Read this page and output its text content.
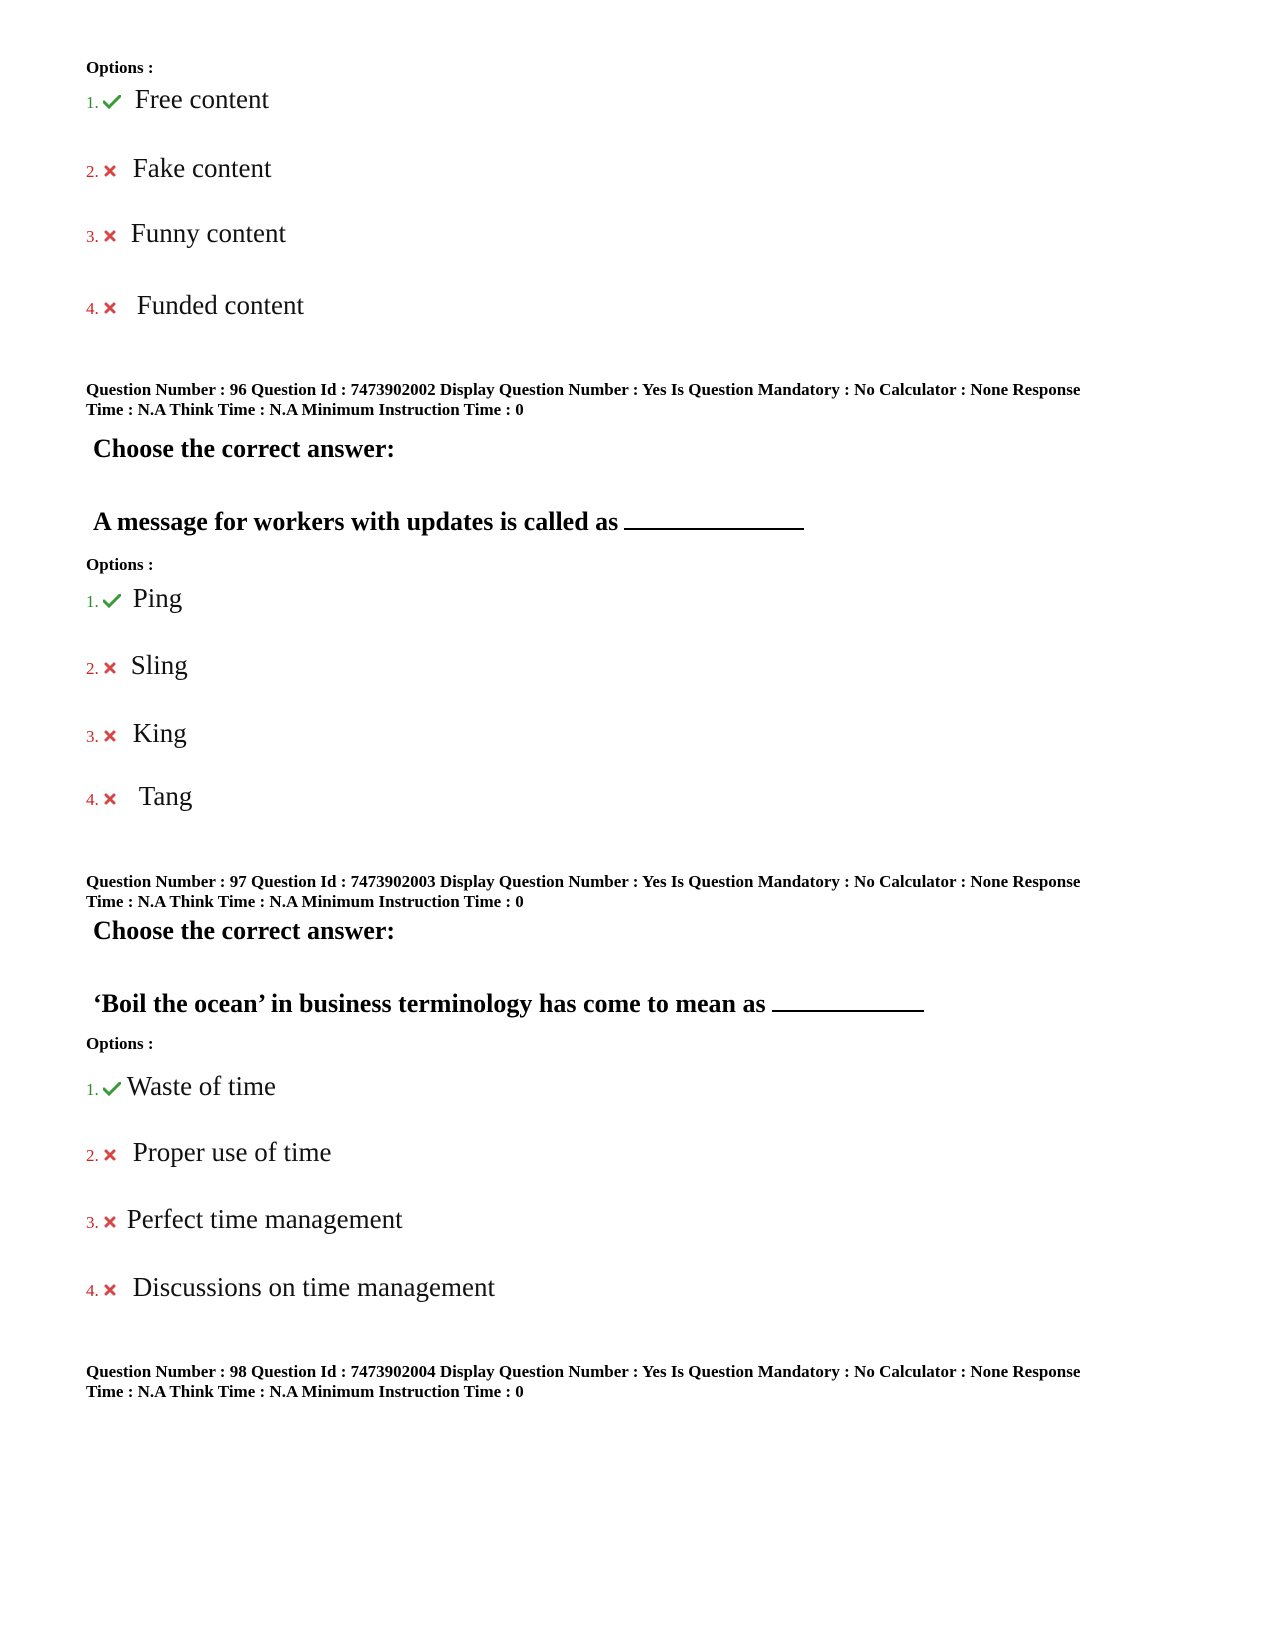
Options :
1. Free content
2. Fake content
3. Funny content
4. Funded content
Question Number : 96 Question Id : 7473902002 Display Question Number : Yes Is Question Mandatory : No Calculator : None Response
Time : N.A Think Time : N.A Minimum Instruction Time : 0
Choose the correct answer:
A message for workers with updates is called as
Options :
1. Ping
2. Sling
3. King
4. Tang
Question Number : 97 Question Id : 7473902003 Display Question Number : Yes Is Question Mandatory : No Calculator : None Response
Time : N.A Think Time : N.A Minimum Instruction Time : 0
Choose the correct answer:
‘Boil the ocean’ in business terminology has come to mean as
Options :
1. Waste of time
2. Proper use of time
3. Perfect time management
4. Discussions on time management
Question Number : 98 Question Id : 7473902004 Display Question Number : Yes Is Question Mandatory : No Calculator : None Response
Time : N.A Think Time : N.A Minimum Instruction Time : 0
